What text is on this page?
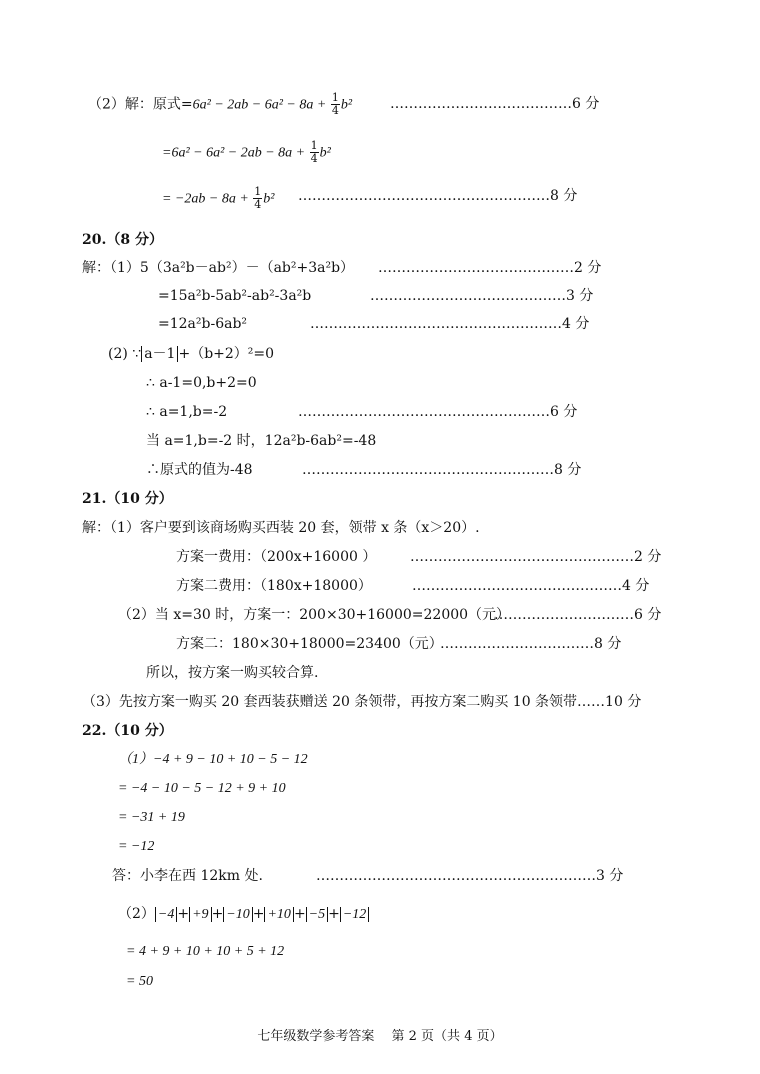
（2）解：原式$=6a^2 - 2ab - 6a^2 - 8a + \frac{1}{4} b^2$	…………………………………6 分
$=6a^2 - 6a^2 - 2ab - 8a + \frac{1}{4} b^2$
= $-2ab - 8a + \frac{1}{4} b^2$ ………………………………………………8 分
20.（8 分）
解：（1）5（3a²b－ab²）－（ab²+3a²b） ……………………………………2 分
=15a²b-5ab²-ab²-3a²b	……………………………………3 分
=12a²b-6ab²	………………………………………………4 分
(2) ∵ a－1 +（b+2）²=0
∴ a-1=0,b+2=0
∴ a=1,b=-2	………………………………………………6 分
当 a=1,b=-2 时，12a²b-6ab²=-48
∴原式的值为-48	………………………………………………8 分
21.（10 分）
解：（1）客户要到该商场购买西装 20 套，领带 x 条（x＞20）.
方案一费用：（200x+16000 ） …………………………………………2 分
方案二费用：（180x+18000）	………………………………………4 分
（2）当 x=30 时，方案一：200×30+16000=22000（元）
…………………………6 分
方案二：180×30+18000=23400（元）
……………………………8 分
所以，按方案一购买较合算.
（3）先按方案一购买 20 套西装获赠送 20 条领带，再按方案二购买 10 条领带……10 分
22.（10 分）
（1）−4 + 9 − 10 + 10 − 5 − 12
= −4 − 10 − 5 − 12 + 9 + 10
= −31 + 19
= −12
答：小李在西 12km 处.	……………………………………………………3 分
（2） −4 + +9 + −10 + +10 + −5 + −12
= 4 + 9 + 10 + 10 + 5 + 12
= 50
七年级数学参考答案　 第 2 页（共 4 页）
